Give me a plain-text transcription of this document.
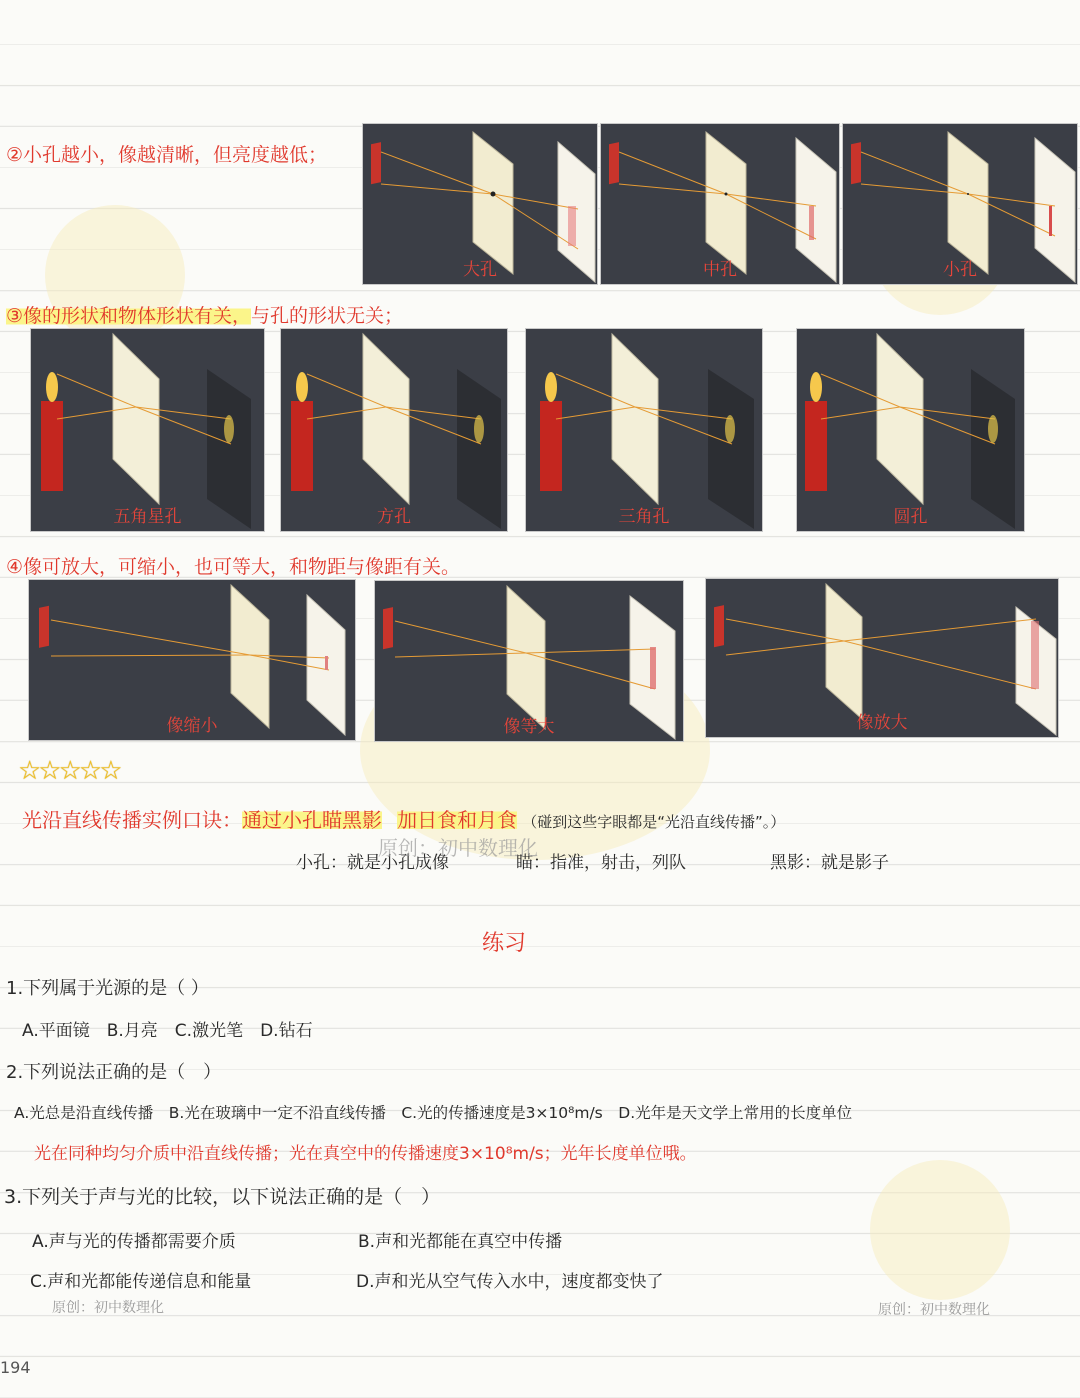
②小孔越小，像越清晰，但亮度越低；
大孔	中孔	小孔
③像的形状和物体形状有关，与孔的形状无关；
五角星孔	方孔	三角孔	圆孔
④像可放大，可缩小，也可等大，和物距与像距有关。
像缩小	像等大	像放大
☆☆☆☆☆
光沿直线传播实例口诀：通过小孔瞄黑影 加日食和月食 （碰到这些字眼都是“光沿直线传播”。）
小孔：就是小孔成像	瞄：指准，射击，列队	黑影：就是影子
原创：初中数理化
练习
1.下列属于光源的是（ ）
A.平面镜　B.月亮　C.激光笔　D.钻石
2.下列说法正确的是（　）
A.光总是沿直线传播　B.光在玻璃中一定不沿直线传播　C.光的传播速度是3×10⁸m/s　D.光年是天文学上常用的长度单位
光在同种均匀介质中沿直线传播；光在真空中的传播速度3×10⁸m/s；光年长度单位哦。
3.下列关于声与光的比较，以下说法正确的是（　）
A.声与光的传播都需要介质	B.声和光都能在真空中传播
C.声和光都能传递信息和能量	D.声和光从空气传入水中，速度都变快了
原创：初中数理化	原创：初中数理化
194
